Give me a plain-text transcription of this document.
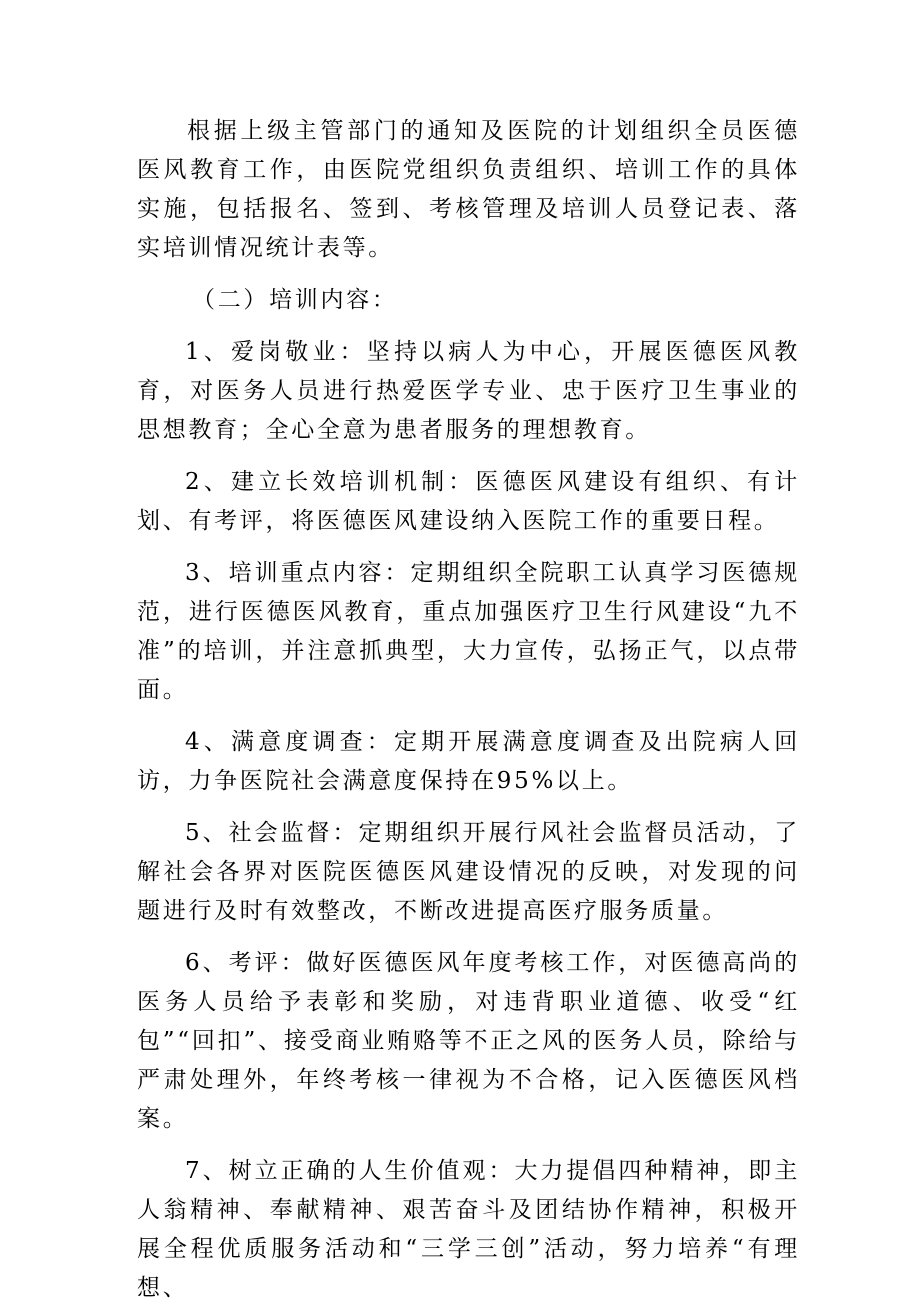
根据上级主管部门的通知及医院的计划组织全员医德医风教育工作，由医院党组织负责组织、培训工作的具体实施，包括报名、签到、考核管理及培训人员登记表、落实培训情况统计表等。

（二）培训内容：

1、爱岗敬业：坚持以病人为中心，开展医德医风教育，对医务人员进行热爱医学专业、忠于医疗卫生事业的思想教育；全心全意为患者服务的理想教育。

2、建立长效培训机制：医德医风建设有组织、有计划、有考评，将医德医风建设纳入医院工作的重要日程。

3、培训重点内容：定期组织全院职工认真学习医德规范，进行医德医风教育，重点加强医疗卫生行风建设“九不准”的培训，并注意抓典型，大力宣传，弘扬正气，以点带面。

4、满意度调查：定期开展满意度调查及出院病人回访，力争医院社会满意度保持在95%以上。

5、社会监督：定期组织开展行风社会监督员活动，了解社会各界对医院医德医风建设情况的反映，对发现的问题进行及时有效整改，不断改进提高医疗服务质量。

6、考评：做好医德医风年度考核工作，对医德高尚的医务人员给予表彰和奖励，对违背职业道德、收受“红包”“回扣”、接受商业贿赂等不正之风的医务人员，除给与严肃处理外，年终考核一律视为不合格，记入医德医风档案。

7、树立正确的人生价值观：大力提倡四种精神，即主人翁精神、奉献精神、艰苦奋斗及团结协作精神，积极开展全程优质服务活动和“三学三创”活动，努力培养“有理想、
